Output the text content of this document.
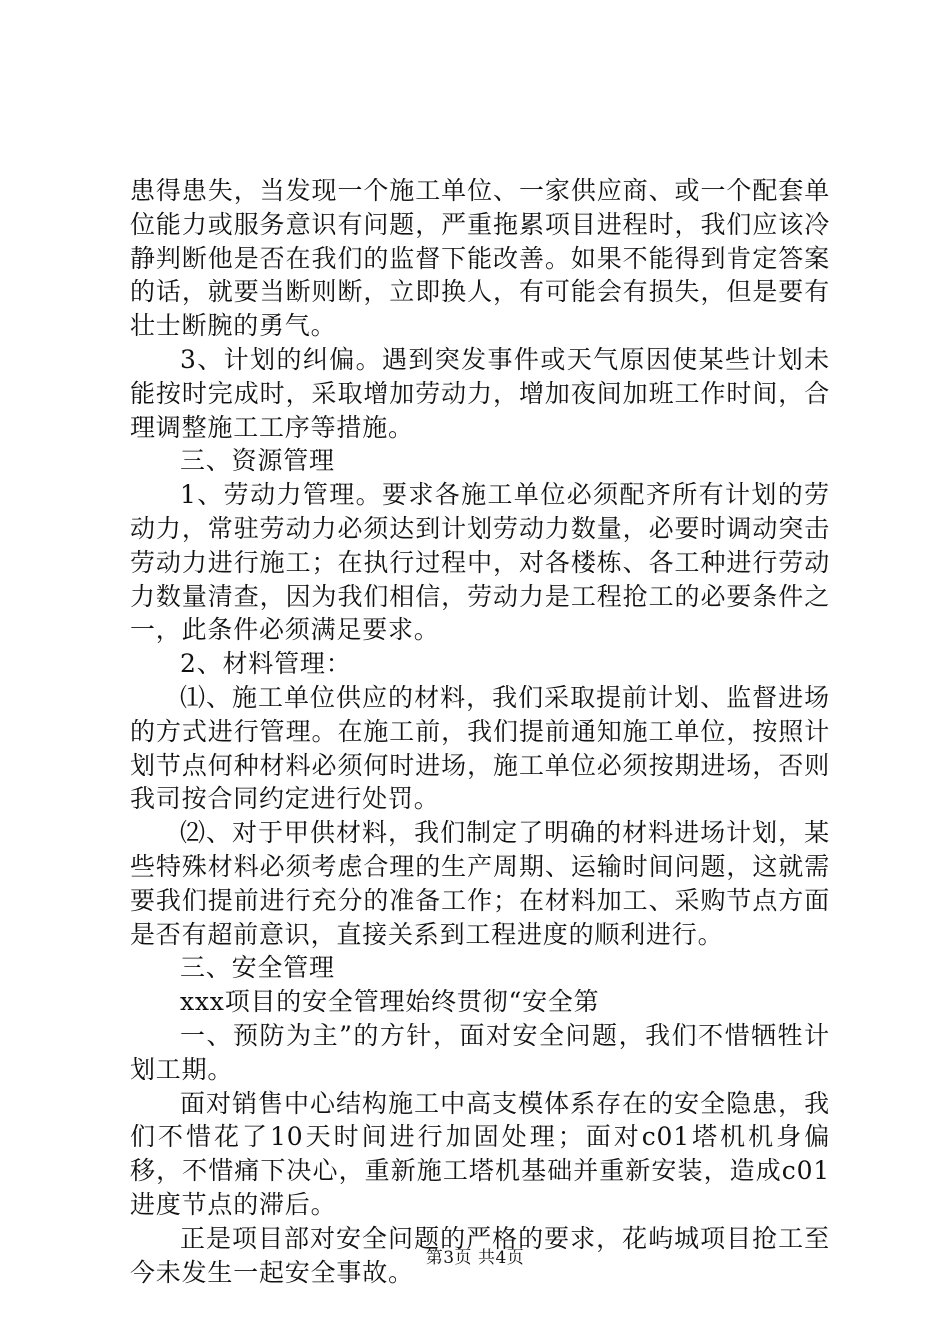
患得患失，当发现一个施工单位、一家供应商、或一个配套单位能力或服务意识有问题，严重拖累项目进程时，我们应该冷静判断他是否在我们的监督下能改善。如果不能得到肯定答案的话，就要当断则断，立即换人，有可能会有损失，但是要有壮士断腕的勇气。

3、计划的纠偏。遇到突发事件或天气原因使某些计划未能按时完成时，采取增加劳动力，增加夜间加班工作时间，合理调整施工工序等措施。

三、资源管理

1、劳动力管理。要求各施工单位必须配齐所有计划的劳动力，常驻劳动力必须达到计划劳动力数量，必要时调动突击劳动力进行施工；在执行过程中，对各楼栋、各工种进行劳动力数量清查，因为我们相信，劳动力是工程抢工的必要条件之一，此条件必须满足要求。

2、材料管理：

⑴、施工单位供应的材料，我们采取提前计划、监督进场的方式进行管理。在施工前，我们提前通知施工单位，按照计划节点何种材料必须何时进场，施工单位必须按期进场，否则我司按合同约定进行处罚。

⑵、对于甲供材料，我们制定了明确的材料进场计划，某些特殊材料必须考虑合理的生产周期、运输时间问题，这就需要我们提前进行充分的准备工作；在材料加工、采购节点方面是否有超前意识，直接关系到工程进度的顺利进行。

三、安全管理

xxx项目的安全管理始终贯彻“安全第

一、预防为主”的方针，面对安全问题，我们不惜牺牲计划工期。

面对销售中心结构施工中高支模体系存在的安全隐患，我们不惜花了10天时间进行加固处理；面对c01塔机机身偏移，不惜痛下决心，重新施工塔机基础并重新安装，造成c01进度节点的滞后。

正是项目部对安全问题的严格的要求，花屿城项目抢工至今未发生一起安全事故。 第3页 共4页
